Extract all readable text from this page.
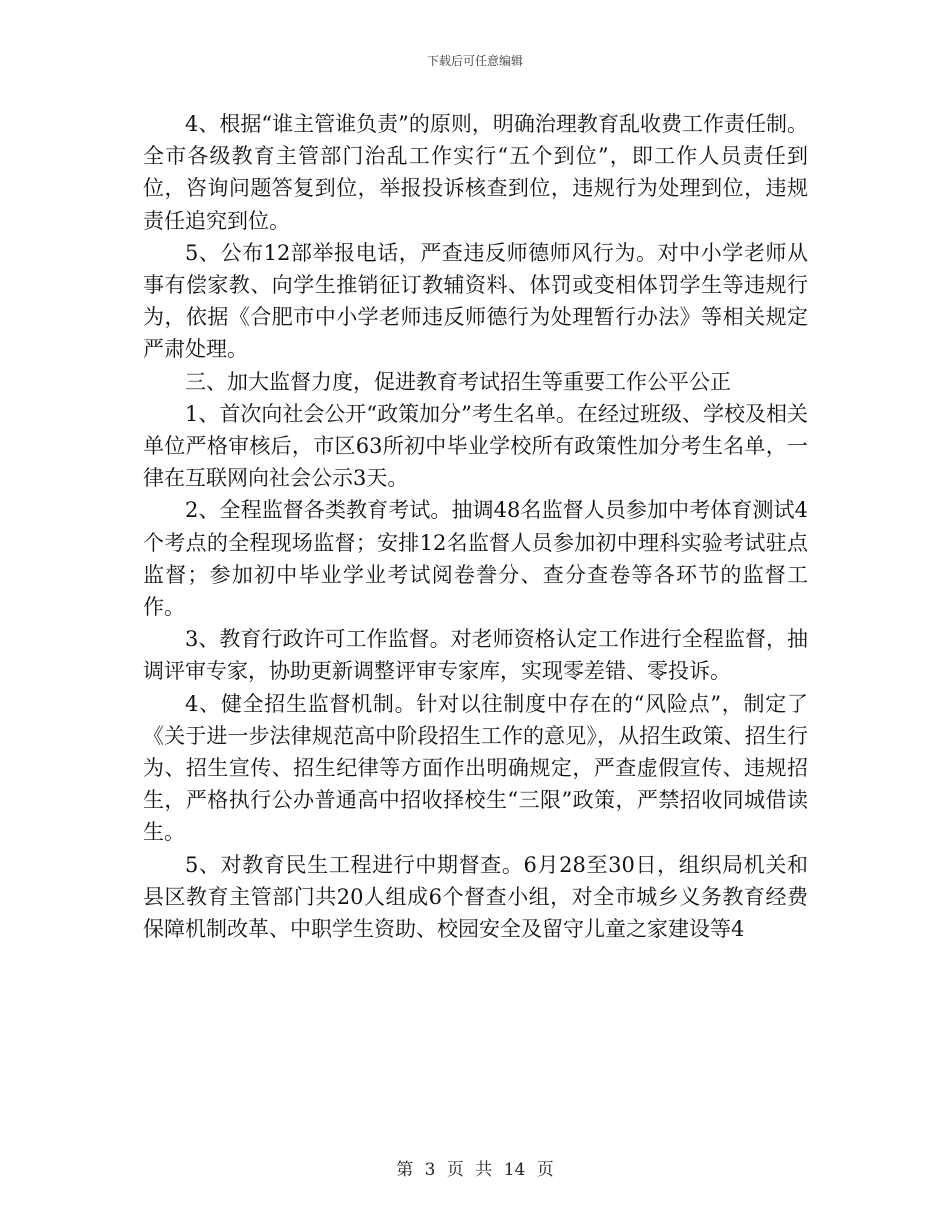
下载后可任意编辑

4、根据“谁主管谁负责”的原则，明确治理教育乱收费工作责任制。全市各级教育主管部门治乱工作实行“五个到位”，即工作人员责任到位，咨询问题答复到位，举报投诉核查到位，违规行为处理到位，违规责任追究到位。

5、公布12部举报电话，严查违反师德师风行为。对中小学老师从事有偿家教、向学生推销征订教辅资料、体罚或变相体罚学生等违规行为，依据《合肥市中小学老师违反师德行为处理暂行办法》等相关规定严肃处理。

三、加大监督力度，促进教育考试招生等重要工作公平公正

1、首次向社会公开“政策加分”考生名单。在经过班级、学校及相关单位严格审核后，市区63所初中毕业学校所有政策性加分考生名单，一律在互联网向社会公示3天。

2、全程监督各类教育考试。抽调48名监督人员参加中考体育测试4个考点的全程现场监督；安排12名监督人员参加初中理科实验考试驻点监督；参加初中毕业学业考试阅卷誊分、查分查卷等各环节的监督工作。

3、教育行政许可工作监督。对老师资格认定工作进行全程监督，抽调评审专家，协助更新调整评审专家库，实现零差错、零投诉。

4、健全招生监督机制。针对以往制度中存在的“风险点”，制定了《关于进一步法律规范高中阶段招生工作的意见》，从招生政策、招生行为、招生宣传、招生纪律等方面作出明确规定，严查虚假宣传、违规招生，严格执行公办普通高中招收择校生“三限”政策，严禁招收同城借读生。

5、对教育民生工程进行中期督查。6月28至30日，组织局机关和县区教育主管部门共20人组成6个督查小组，对全市城乡义务教育经费保障机制改革、中职学生资助、校园安全及留守儿童之家建设等4

第 3 页 共 14 页
